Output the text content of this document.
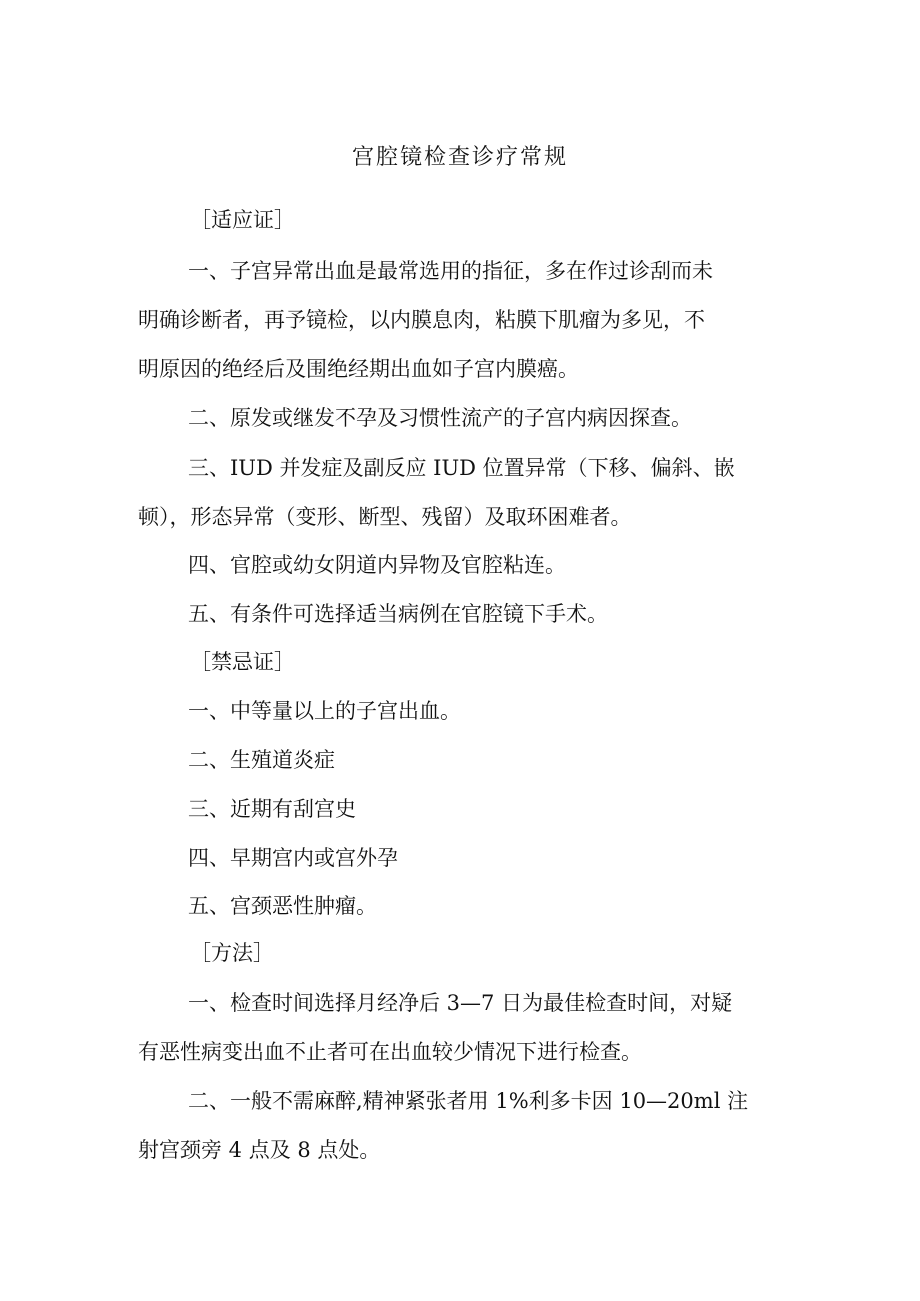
宫腔镜检查诊疗常规
［适应证］
一、子宫异常出血是最常选用的指征，多在作过诊刮而未
明确诊断者，再予镜检，以内膜息肉，粘膜下肌瘤为多见，不
明原因的绝经后及围绝经期出血如子宫内膜癌。
二、原发或继发不孕及习惯性流产的子宫内病因探查。
三、IUD 并发症及副反应 IUD 位置异常（下移、偏斜、嵌
顿），形态异常（变形、断型、残留）及取环困难者。
四、官腔或幼女阴道内异物及官腔粘连。
五、有条件可选择适当病例在官腔镜下手术。
［禁忌证］
一、中等量以上的子宫出血。
二、生殖道炎症
三、近期有刮宫史
四、早期宫内或宫外孕
五、宫颈恶性肿瘤。
［方法］
一、检查时间选择月经净后 3—7 日为最佳检查时间，对疑
有恶性病变出血不止者可在出血较少情况下进行检查。
二、一般不需麻醉,精神紧张者用 1%利多卡因 10—20ml 注
射宫颈旁 4 点及 8 点处。
